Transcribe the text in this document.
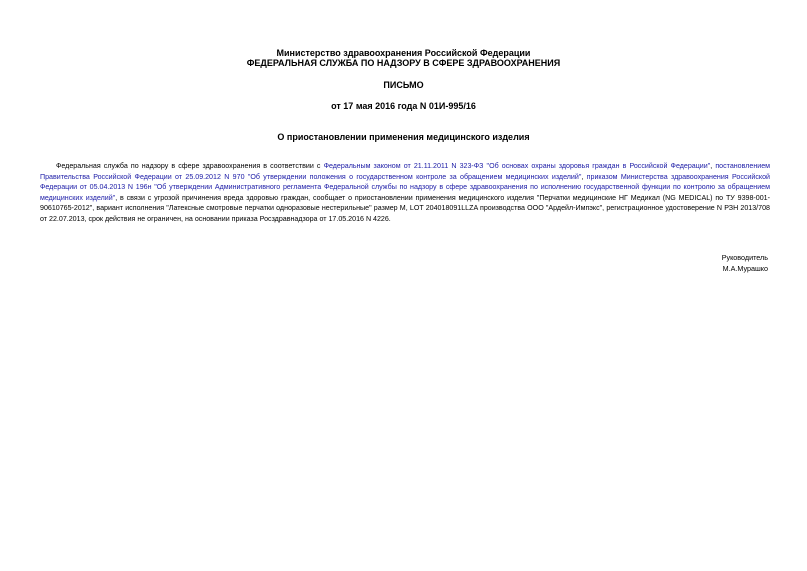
Министерство здравоохранения Российской Федерации
ФЕДЕРАЛЬНАЯ СЛУЖБА ПО НАДЗОРУ В СФЕРЕ ЗДРАВООХРАНЕНИЯ
ПИСЬМО
от 17 мая 2016 года N 01И-995/16
О приостановлении применения медицинского изделия
Федеральная служба по надзору в сфере здравоохранения в соответствии с Федеральным законом от 21.11.2011 N 323-ФЗ "Об основах охраны здоровья граждан в Российской Федерации", постановлением Правительства Российской Федерации от 25.09.2012 N 970 "Об утверждении положения о государственном контроле за обращением медицинских изделий", приказом Министерства здравоохранения Российской Федерации от 05.04.2013 N 196н "Об утверждении Административного регламента Федеральной службы по надзору в сфере здравоохранения по исполнению государственной функции по контролю за обращением медицинских изделий", в связи с угрозой причинения вреда здоровью граждан, сообщает о приостановлении применения медицинского изделия "Перчатки медицинские НГ Медикал (NG MEDICAL) по ТУ 9398-001-90610765-2012", вариант исполнения "Латексные смотровые перчатки одноразовые нестерильные" размер M, LOT 204018091LLZA производства ООО "Ардейл-Импэкс", регистрационное удостоверение N РЗН 2013/708 от 22.07.2013, срок действия не ограничен, на основании приказа Росздравнадзора от 17.05.2016 N 4226.
Руководитель
М.А.Мурашко
